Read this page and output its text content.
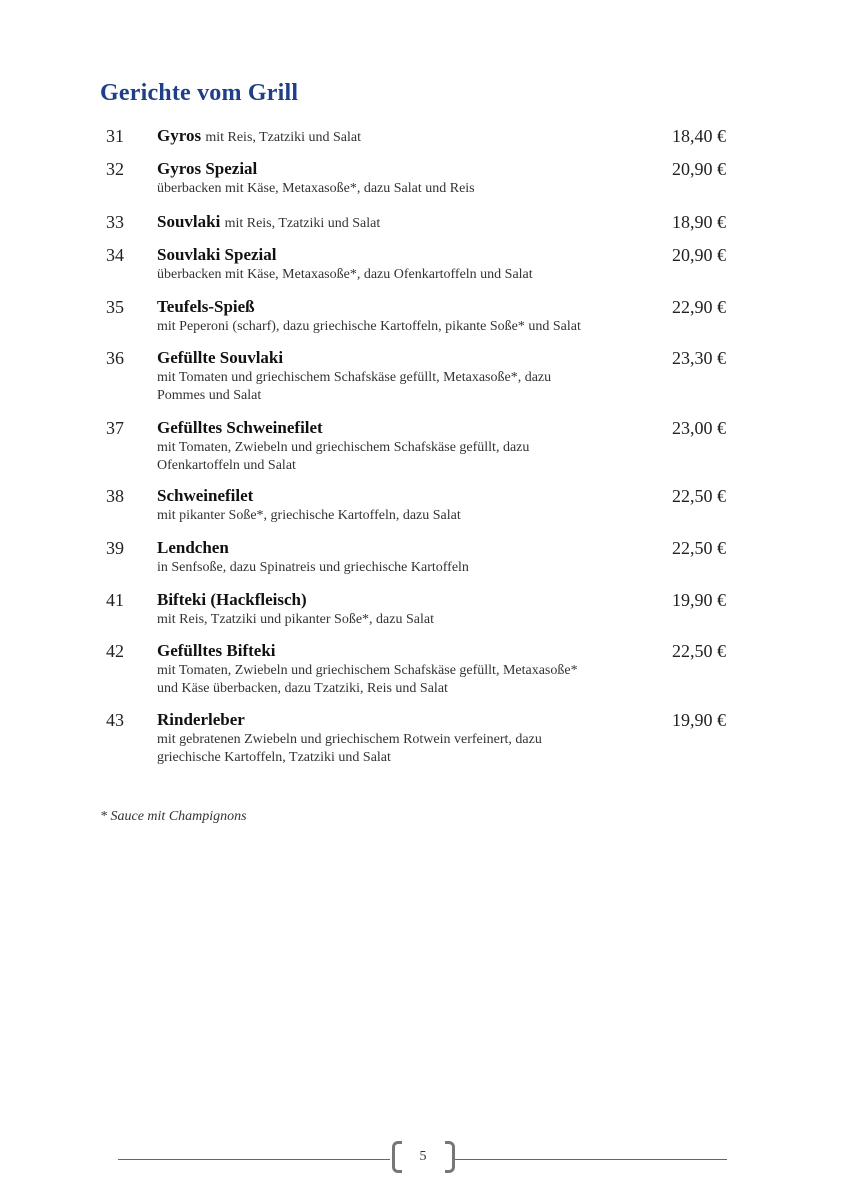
Gerichte vom Grill
31 Gyros mit Reis, Tzatziki und Salat	18,40 €
32 Gyros Spezial
überbacken mit Käse, Metaxasoße*, dazu Salat und Reis
20,90 €
33 Souvlaki mit Reis, Tzatziki und Salat	18,90 €
34 Souvlaki Spezial
überbacken mit Käse, Metaxasoße*, dazu Ofenkartoffeln und Salat
20,90 €
35 Teufels-Spieß
mit Peperoni (scharf), dazu griechische Kartoffeln, pikante Soße* und Salat
22,90 €
36 Gefüllte Souvlaki
mit Tomaten und griechischem Schafskäse gefüllt, Metaxasoße*, dazu
Pommes und Salat
23,30 €
37 Gefülltes Schweinefilet
mit Tomaten, Zwiebeln und griechischem Schafskäse gefüllt, dazu
Ofenkartoffeln und Salat
23,00 €
38 Schweinefilet
mit pikanter Soße*, griechische Kartoffeln, dazu Salat
22,50 €
39 Lendchen
in Senfsoße, dazu Spinatreis und griechische Kartoffeln
22,50 €
41 Bifteki (Hackfleisch)
mit Reis, Tzatziki und pikanter Soße*, dazu Salat
19,90 €
42 Gefülltes Bifteki
mit Tomaten, Zwiebeln und griechischem Schafskäse gefüllt, Metaxasoße*
und Käse überbacken, dazu Tzatziki, Reis und Salat
22,50 €
43 Rinderleber
mit gebratenen Zwiebeln und griechischem Rotwein verfeinert, dazu
griechische Kartoffeln, Tzatziki und Salat
19,90 €
* Sauce mit Champignons
5
